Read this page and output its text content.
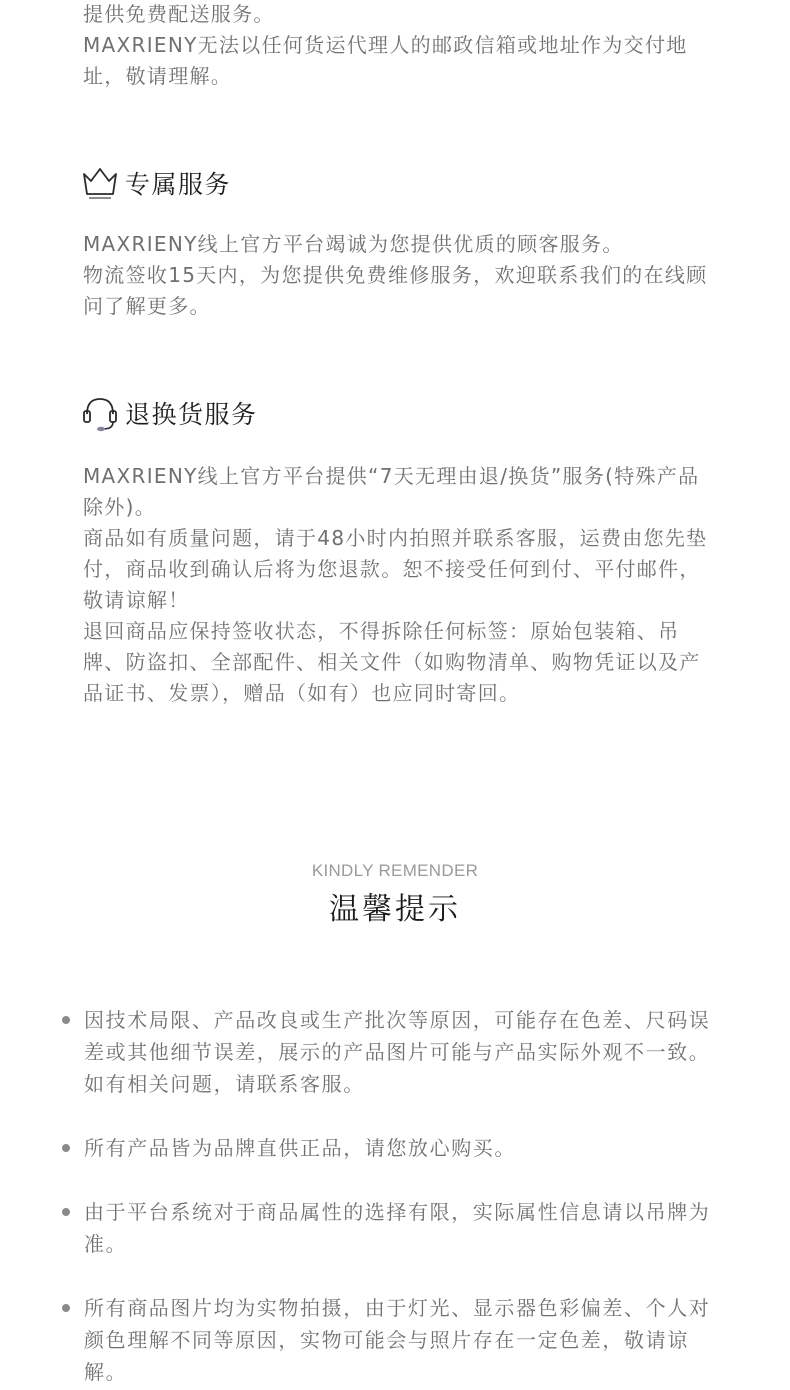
提供免费配送服务。

MAXRIENY无法以任何货运代理人的邮政信箱或地址作为交付地址，敬请理解。

专属服务

MAXRIENY线上官方平台竭诚为您提供优质的顾客服务。

物流签收15天内，为您提供免费维修服务，欢迎联系我们的在线顾问了解更多。

退换货服务

MAXRIENY线上官方平台提供“7天无理由退/换货”服务(特殊产品除外)。

商品如有质量问题，请于48小时内拍照并联系客服，运费由您先垫付，商品收到确认后将为您退款。恕不接受任何到付、平付邮件，敬请谅解！

退回商品应保持签收状态，不得拆除任何标签：原始包装箱、吊牌、防盗扣、全部配件、相关文件（如购物清单、购物凭证以及产品证书、发票），赠品（如有）也应同时寄回。

KINDLY REMENDER
温馨提示
因技术局限、产品改良或生产批次等原因，可能存在色差、尺码误差或其他细节误差，展示的产品图片可能与产品实际外观不一致。如有相关问题，请联系客服。
所有产品皆为品牌直供正品，请您放心购买。
由于平台系统对于商品属性的选择有限，实际属性信息请以吊牌为准。
所有商品图片均为实物拍摄，由于灯光、显示器色彩偏差、个人对颜色理解不同等原因，实物可能会与照片存在一定色差，敬请谅解。
